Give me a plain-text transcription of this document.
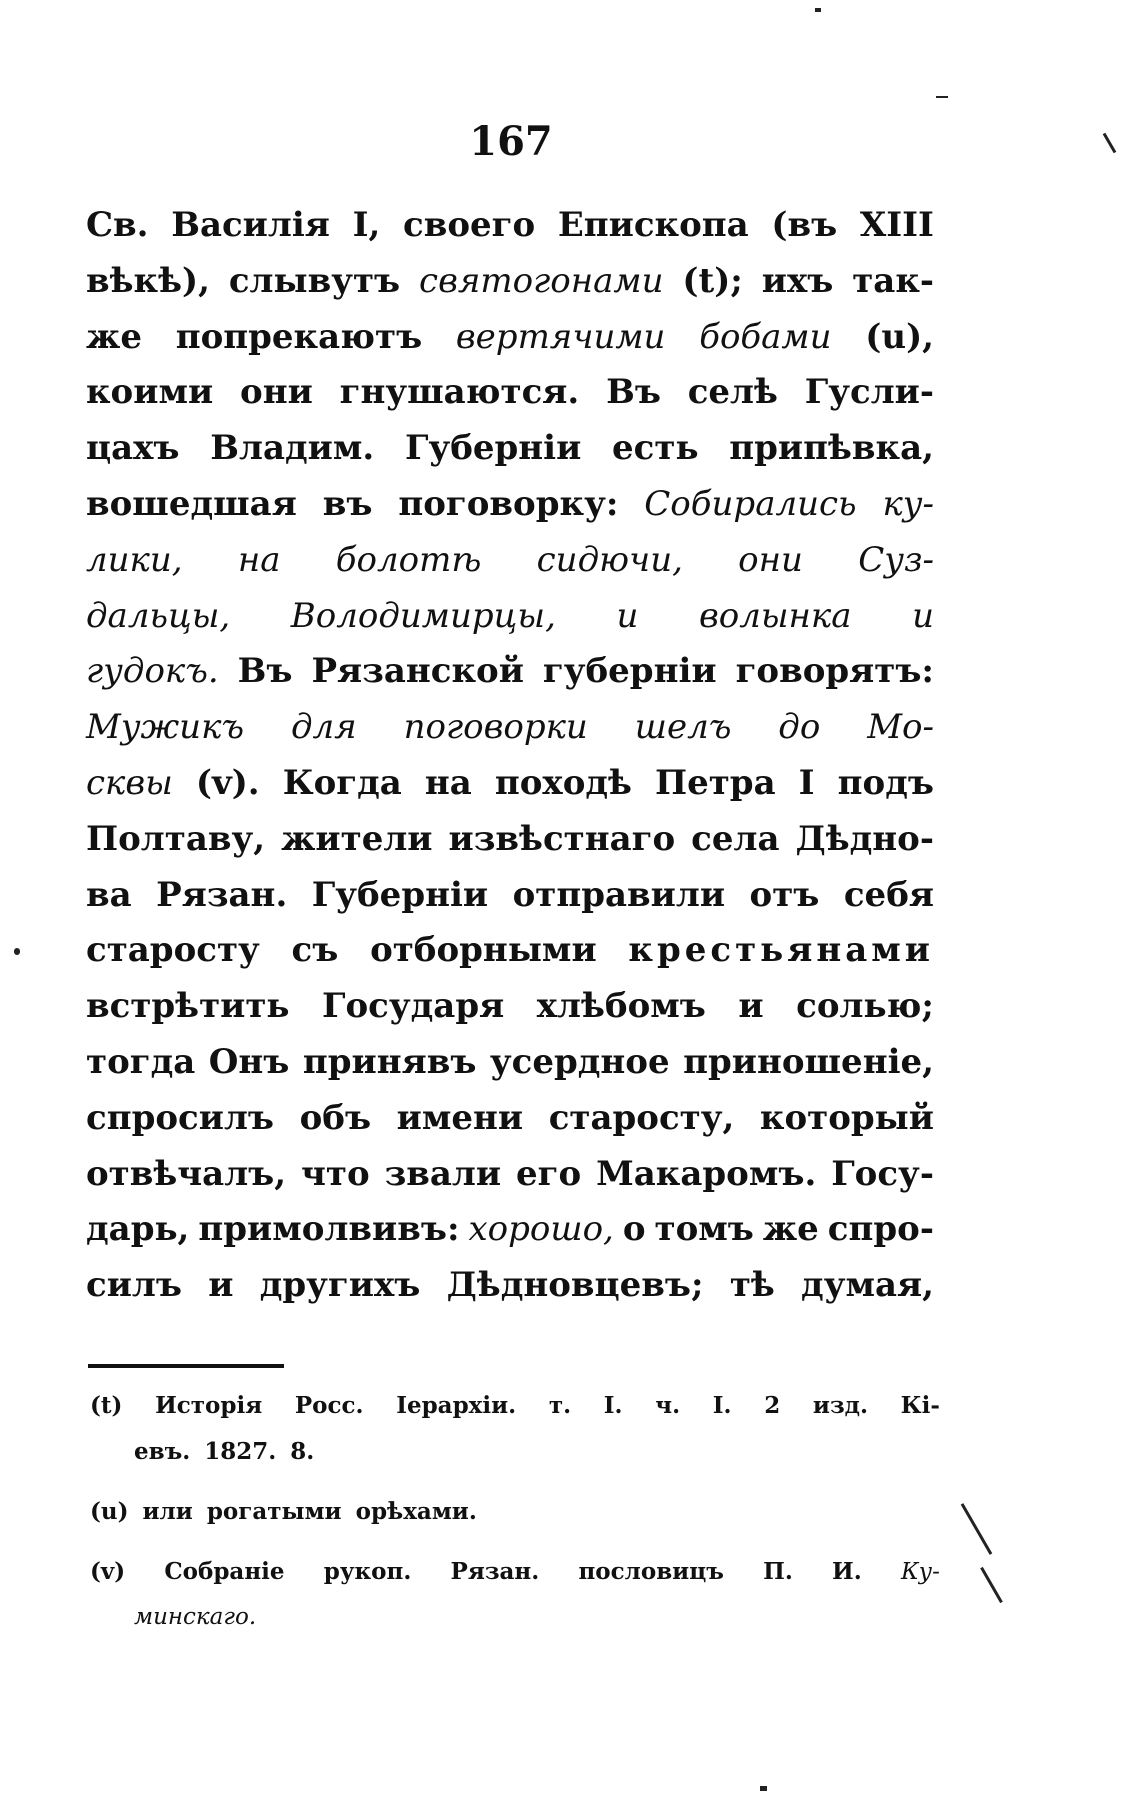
167
Св. Василія I, своего Епископа (въ XIII
вѣкѣ), слывутъ святогонами (t); ихъ так-
же попрекаютъ вертячими бобами (u),
коими они гнушаются. Въ селѣ Гусли-
цахъ Владим. Губерніи есть припѣвка,
вошедшая въ поговорку: Собирались ку-
лики, на болотѣ сидючи, они Суз-
дальцы, Володимирцы, и волынка и
гудокъ. Въ Рязанской губерніи говорятъ:
Мужикъ для поговорки шелъ до Мо-
сквы (v). Когда на походѣ Петра I подъ
Полтаву, жители извѣстнаго села Дѣдно-
ва Рязан. Губерніи отправили отъ себя
старосту съ отборными крестьянами
встрѣтить Государя хлѣбомъ и солью;
тогда Онъ принявъ усердное приношеніе,
спросилъ объ имени старосту, который
отвѣчалъ, что звали его Макаромъ. Госу-
дарь, примолвивъ: хорошо, о томъ же спро-
силъ и другихъ Дѣдновцевъ; тѣ думая,
(t) Исторія Росс. Іерархіи. т. I. ч. I. 2 изд. Кі-
евъ. 1827. 8.
(u) или рогатыми орѣхами.
(v) Собраніе рукоп. Рязан. пословицъ П. И. Ку-
минскаго.
